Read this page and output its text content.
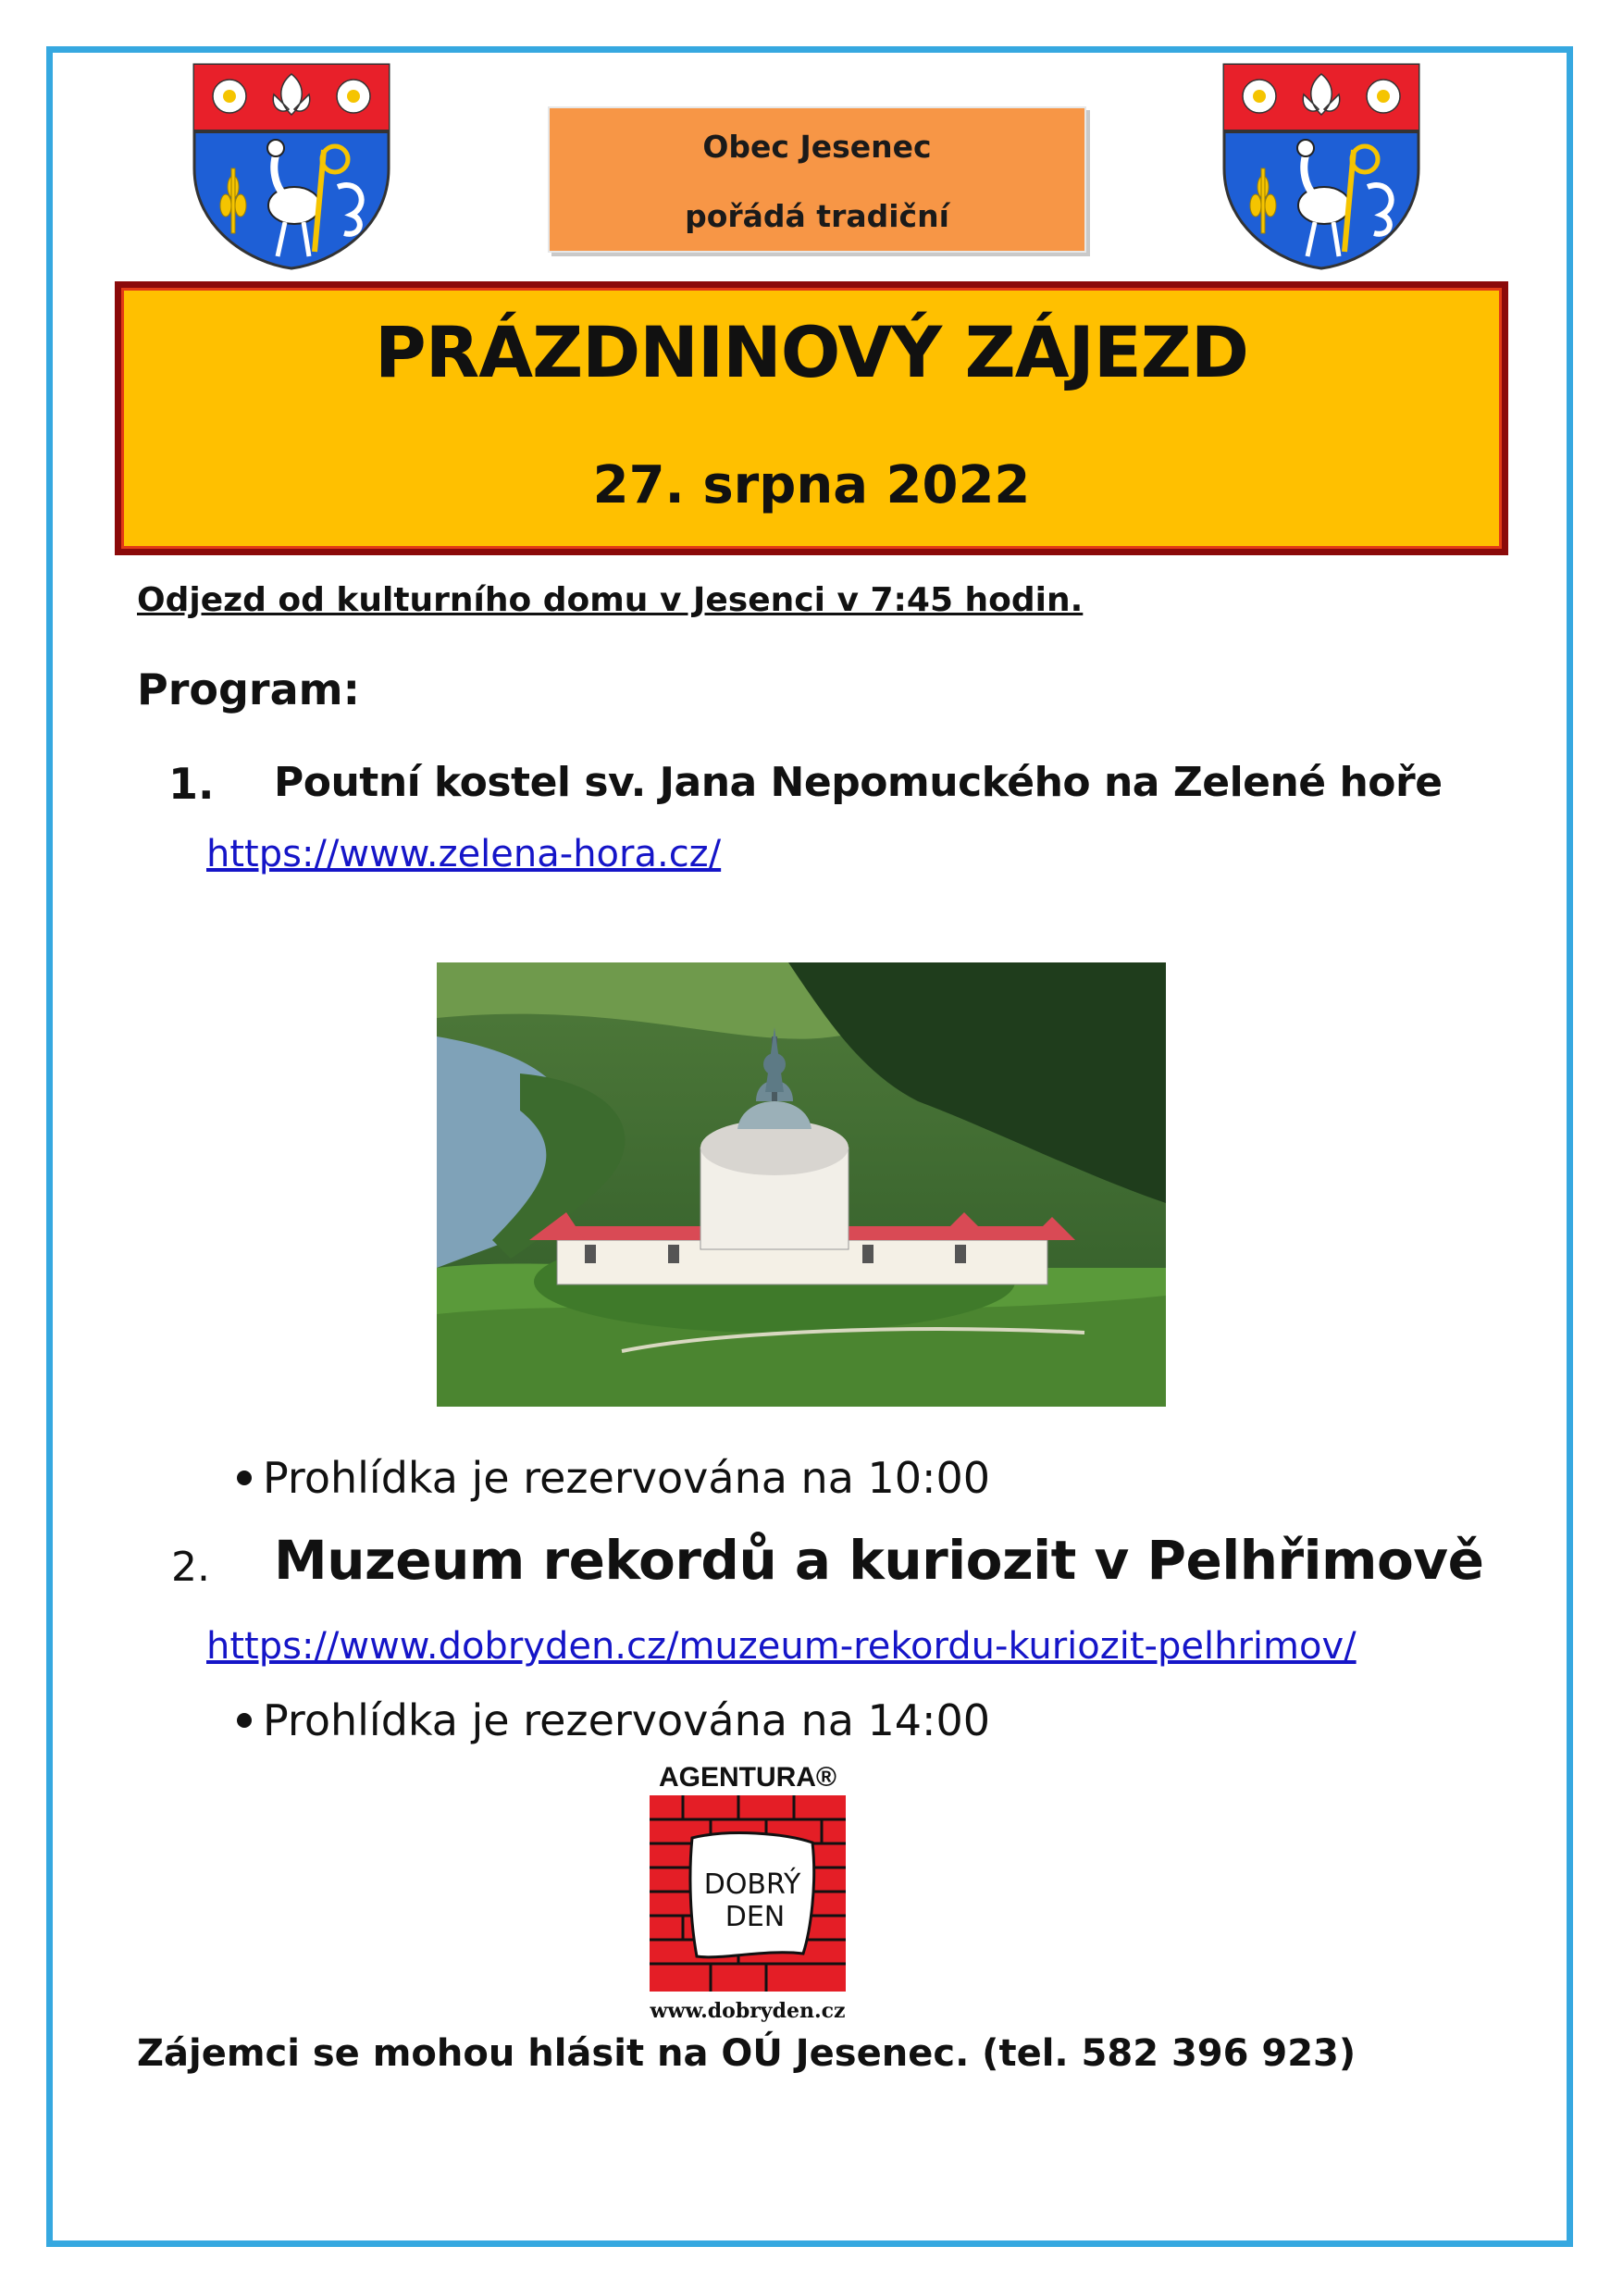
Obec Jesenec
pořádá tradiční
PRÁZDNINOVÝ ZÁJEZD
27. srpna 2022
Odjezd od kulturního domu v Jesenci v 7:45 hodin.
Program:
1. Poutní kostel sv. Jana Nepomuckého na Zelené hoře
https://www.zelena-hora.cz/
Prohlídka je rezervována na 10:00
2. Muzeum rekordů a kuriozit v Pelhřimově
https://www.dobryden.cz/muzeum-rekordu-kuriozit-pelhrimov/
Prohlídka je rezervována na 14:00
AGENTURA®
DOBRÝ
DEN
www.dobryden.cz
Zájemci se mohou hlásit na OÚ Jesenec. (tel. 582 396 923)
